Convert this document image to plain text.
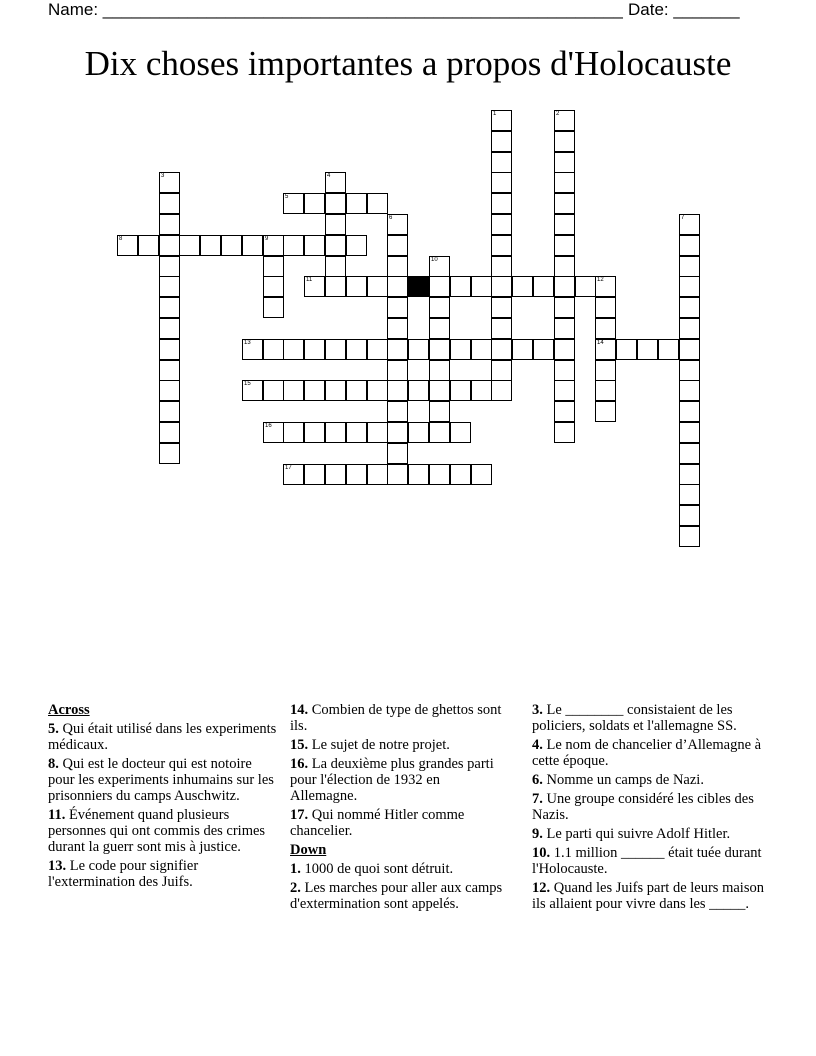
Name: _______________________________________________________ Date: _______
Dix choses importantes a propos d'Holocauste
1	2
3	4
5
6	7
8	9
10
11	12
14
13
15
16
17
Across
5. Qui était utilisé dans les experiments médicaux.
8. Qui est le docteur qui est notoire pour les experiments inhumains sur les prisonniers du camps Auschwitz.
11. Événement quand plusieurs personnes qui ont commis des crimes durant la guerr sont mis à justice.
13. Le code pour signifier l'extermination des Juifs.
14. Combien de type de ghettos sont ils.
15. Le sujet de notre projet.
16. La deuxième plus grandes parti pour l'élection de 1932 en Allemagne.
17. Qui nommé Hitler comme chancelier.
Down
1. 1000 de quoi sont détruit.
2. Les marches pour aller aux camps d'extermination sont appelés.
3. Le ________ consistaient de les policiers, soldats et l'allemagne SS.
4. Le nom de chancelier d’Allemagne à cette époque.
6. Nomme un camps de Nazi.
7. Une groupe considéré les cibles des Nazis.
9. Le parti qui suivre Adolf Hitler.
10. 1.1 million ______ était tuée durant l'Holocauste.
12. Quand les Juifs part de leurs maison ils allaient pour vivre dans les _____.
